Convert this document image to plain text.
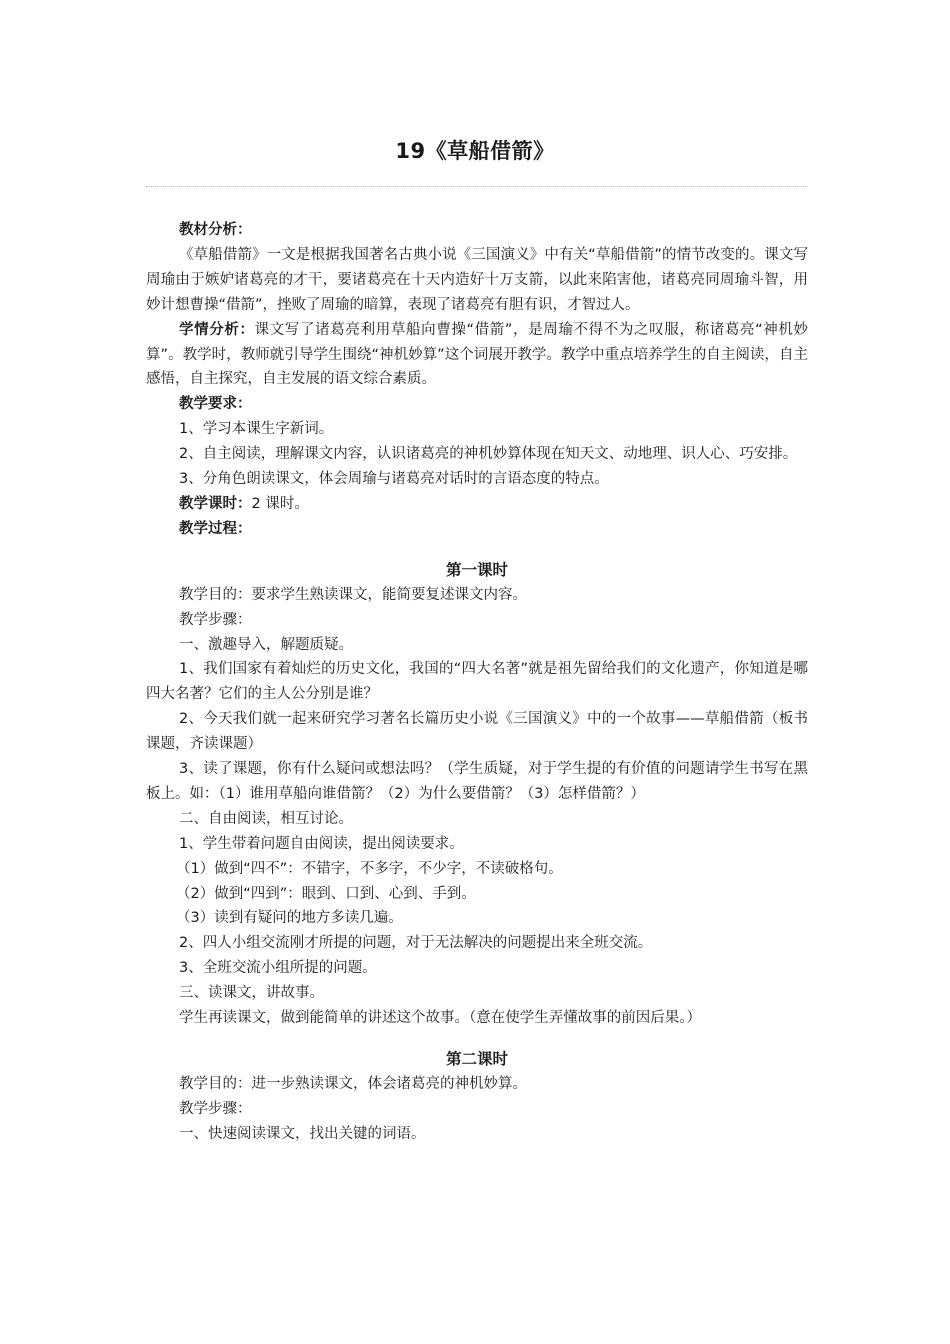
19《草船借箭》

教材分析：

《草船借箭》一文是根据我国著名古典小说《三国演义》中有关“草船借箭”的情节改变的。课文写周瑜由于嫉妒诸葛亮的才干，要诸葛亮在十天内造好十万支箭，以此来陷害他，诸葛亮同周瑜斗智，用妙计想曹操“借箭”，挫败了周瑜的暗算，表现了诸葛亮有胆有识，才智过人。

学情分析：课文写了诸葛亮利用草船向曹操“借箭”，是周瑜不得不为之叹服，称诸葛亮“神机妙算”。教学时，教师就引导学生围绕“神机妙算”这个词展开教学。教学中重点培养学生的自主阅读，自主感悟，自主探究，自主发展的语文综合素质。

教学要求：

1、学习本课生字新词。

2、自主阅读，理解课文内容，认识诸葛亮的神机妙算体现在知天文、动地理、识人心、巧安排。

3、分角色朗读课文，体会周瑜与诸葛亮对话时的言语态度的特点。

教学课时：2 课时。

教学过程：

第一课时

教学目的：要求学生熟读课文，能简要复述课文内容。

教学步骤：

一、激趣导入，解题质疑。

1、我们国家有着灿烂的历史文化，我国的“四大名著”就是祖先留给我们的文化遗产，你知道是哪四大名著？它们的主人公分别是谁？

2、今天我们就一起来研究学习著名长篇历史小说《三国演义》中的一个故事——草船借箭（板书课题，齐读课题）

3、读了课题，你有什么疑问或想法吗？（学生质疑，对于学生提的有价值的问题请学生书写在黑板上。如：（1）谁用草船向谁借箭？（2）为什么要借箭？（3）怎样借箭？）

二、自由阅读，相互讨论。

1、学生带着问题自由阅读，提出阅读要求。

（1）做到“四不”：不错字，不多字，不少字，不读破格句。

（2）做到“四到”：眼到、口到、心到、手到。

（3）读到有疑问的地方多读几遍。

2、四人小组交流刚才所提的问题，对于无法解决的问题提出来全班交流。

3、全班交流小组所提的问题。

三、读课文，讲故事。

学生再读课文，做到能简单的讲述这个故事。（意在使学生弄懂故事的前因后果。）

第二课时

教学目的：进一步熟读课文，体会诸葛亮的神机妙算。

教学步骤：

一、快速阅读课文，找出关键的词语。
